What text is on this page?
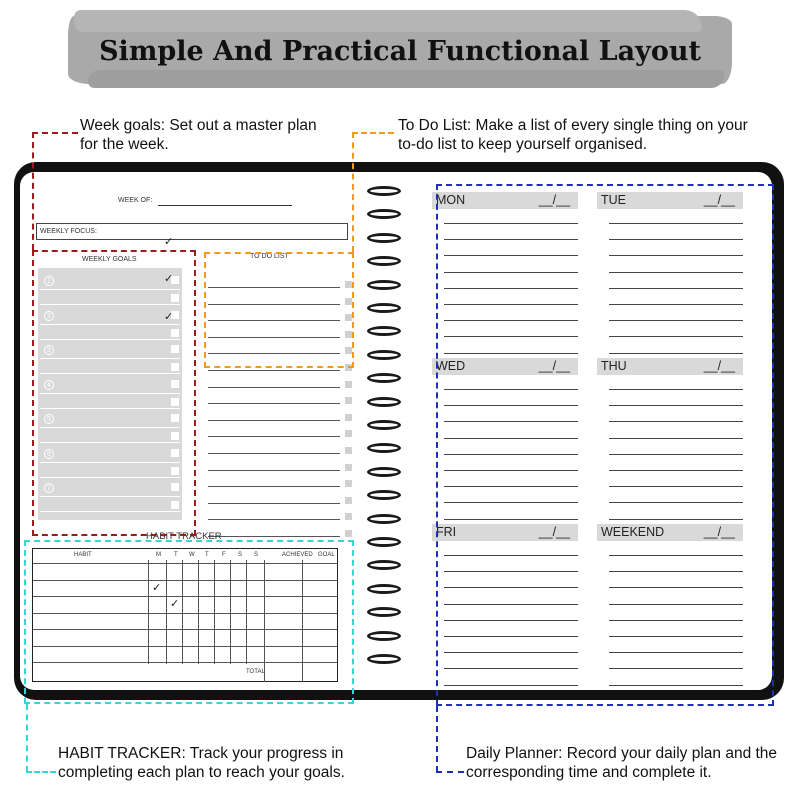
Simple And Practical Functional Layout
Week goals: Set out a master plan for the week.
To Do List: Make a list of every single thing on your to-do list to keep yourself organised.
HABIT TRACKER: Track your progress in completing each plan to reach your goals.
Daily Planner: Record your daily plan and the corresponding time and complete it.
WEEK OF:
WEEKLY FOCUS:
✓
WEEKLY GOALS
1
2
3
4
5
6
7
✓
✓
TO DO LIST
HABIT TRACKER
HABIT	M T W T F S S	ACHIEVED GOAL
✓
✓
TOTAL
MON	__/__	TUE	__/__
WED	__/__	THU	__/__
FRI	__/__	WEEKEND	__/__
